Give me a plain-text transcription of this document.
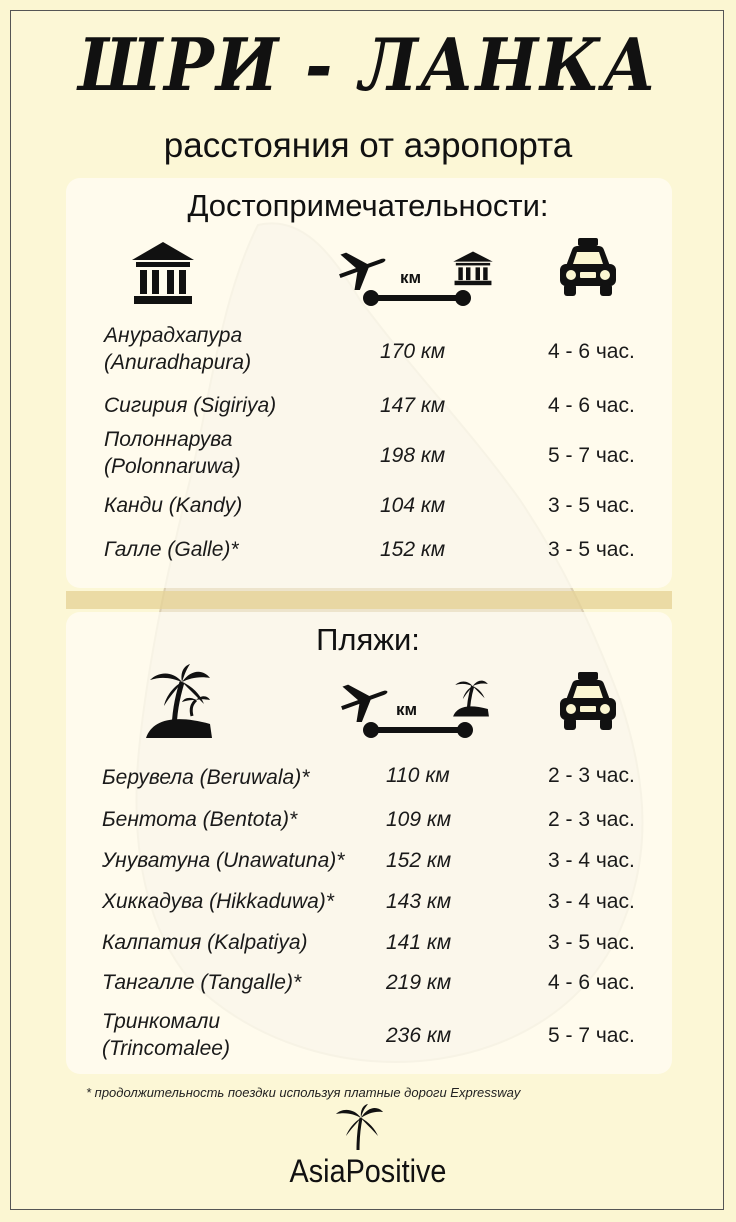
ШРИ - ЛАНКА
расстояния от аэропорта
Достопримечательности:
км
Анурадхапура
(Anuradhapura)	170 км	4 - 6 час.
Сигирия (Sigiriya)	147 км	4 - 6 час.
Полоннарува
(Polonnaruwa)	198 км	5 - 7 час.
Канди (Kandy)	104 км	3 - 5 час.
Галле (Galle)*	152 км	3 - 5 час.
Пляжи:
км
Берувела (Beruwala)*	110 км	2 - 3 час.
Бентота (Bentota)*	109 км	2 - 3 час.
Унуватуна (Unawatuna)* 152 км	3 - 4 час.
Хиккадува (Hikkaduwa)* 143 км	3 - 4 час.
Калпатия (Kalpatiya)	141 км	3 - 5 час.
Тангалле (Tangalle)*	219 км	4 - 6 час.
Тринкомали
(Trincomalee)
236 км	5 - 7 час.
* продолжительность поездки используя платные дороги Expressway
AsiaPositive
